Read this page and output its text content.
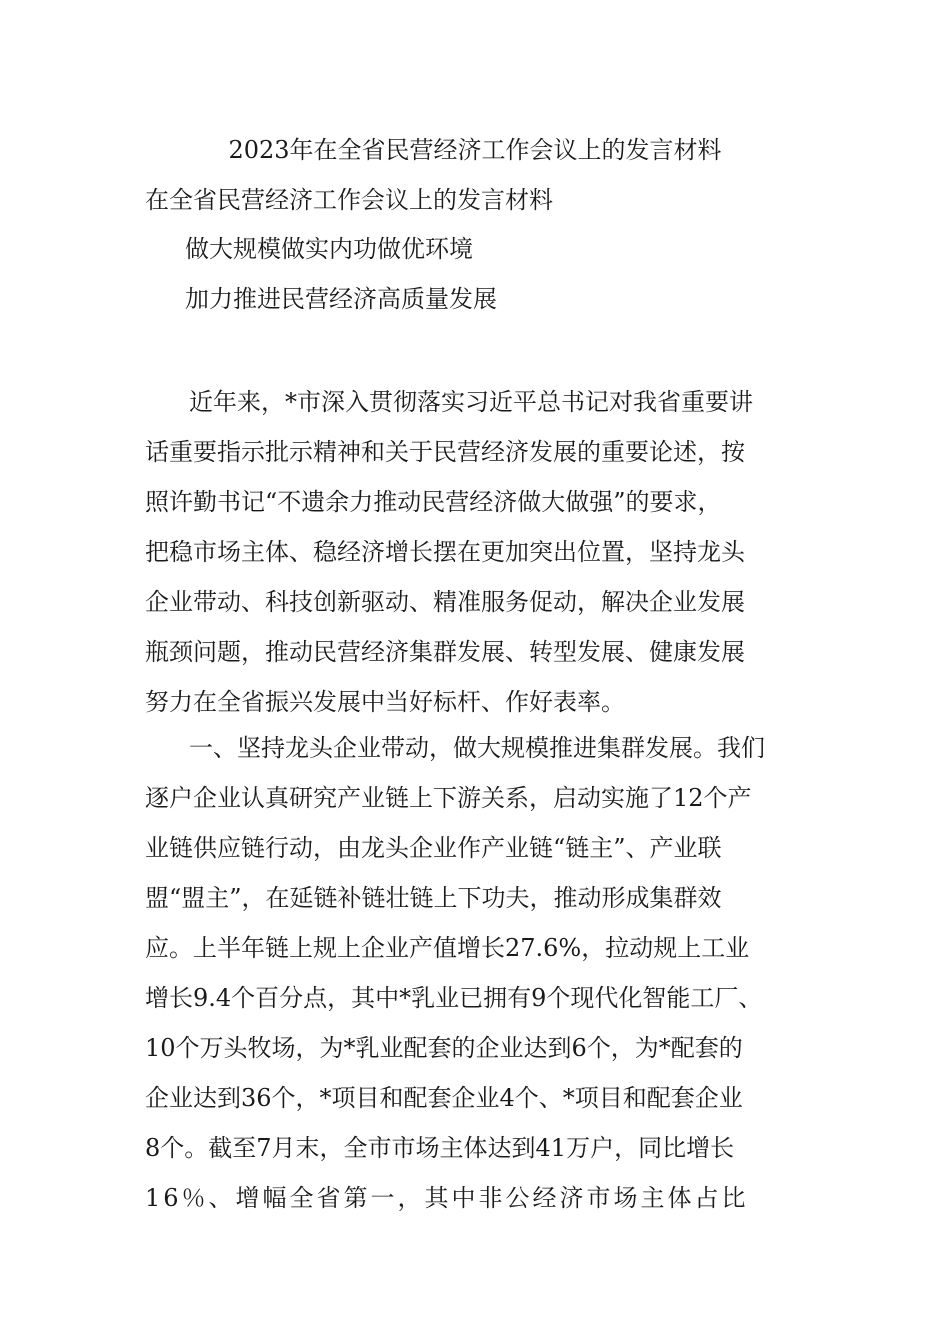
2023年在全省民营经济工作会议上的发言材料
在全省民营经济工作会议上的发言材料
做大规模做实内功做优环境
加力推进民营经济高质量发展
近年来，*市深入贯彻落实习近平总书记对我省重要讲
话重要指示批示精神和关于民营经济发展的重要论述，按
照许勤书记“不遗余力推动民营经济做大做强”的要求，
把稳市场主体、稳经济增长摆在更加突出位置，坚持龙头
企业带动、科技创新驱动、精准服务促动，解决企业发展
瓶颈问题，推动民营经济集群发展、转型发展、健康发展
努力在全省振兴发展中当好标杆、作好表率。
一、坚持龙头企业带动，做大规模推进集群发展。我们
逐户企业认真研究产业链上下游关系，启动实施了12个产
业链供应链行动，由龙头企业作产业链“链主”、产业联
盟“盟主”，在延链补链壮链上下功夫，推动形成集群效
应。上半年链上规上企业产值增长27.6%，拉动规上工业
增长9.4个百分点，其中*乳业已拥有9个现代化智能工厂、
10个万头牧场，为*乳业配套的企业达到6个，为*配套的
企业达到36个，*项目和配套企业4个、*项目和配套企业
8个。截至7月末，全市市场主体达到41万户，同比增长
16％、增幅全省第一，其中非公经济市场主体占比
